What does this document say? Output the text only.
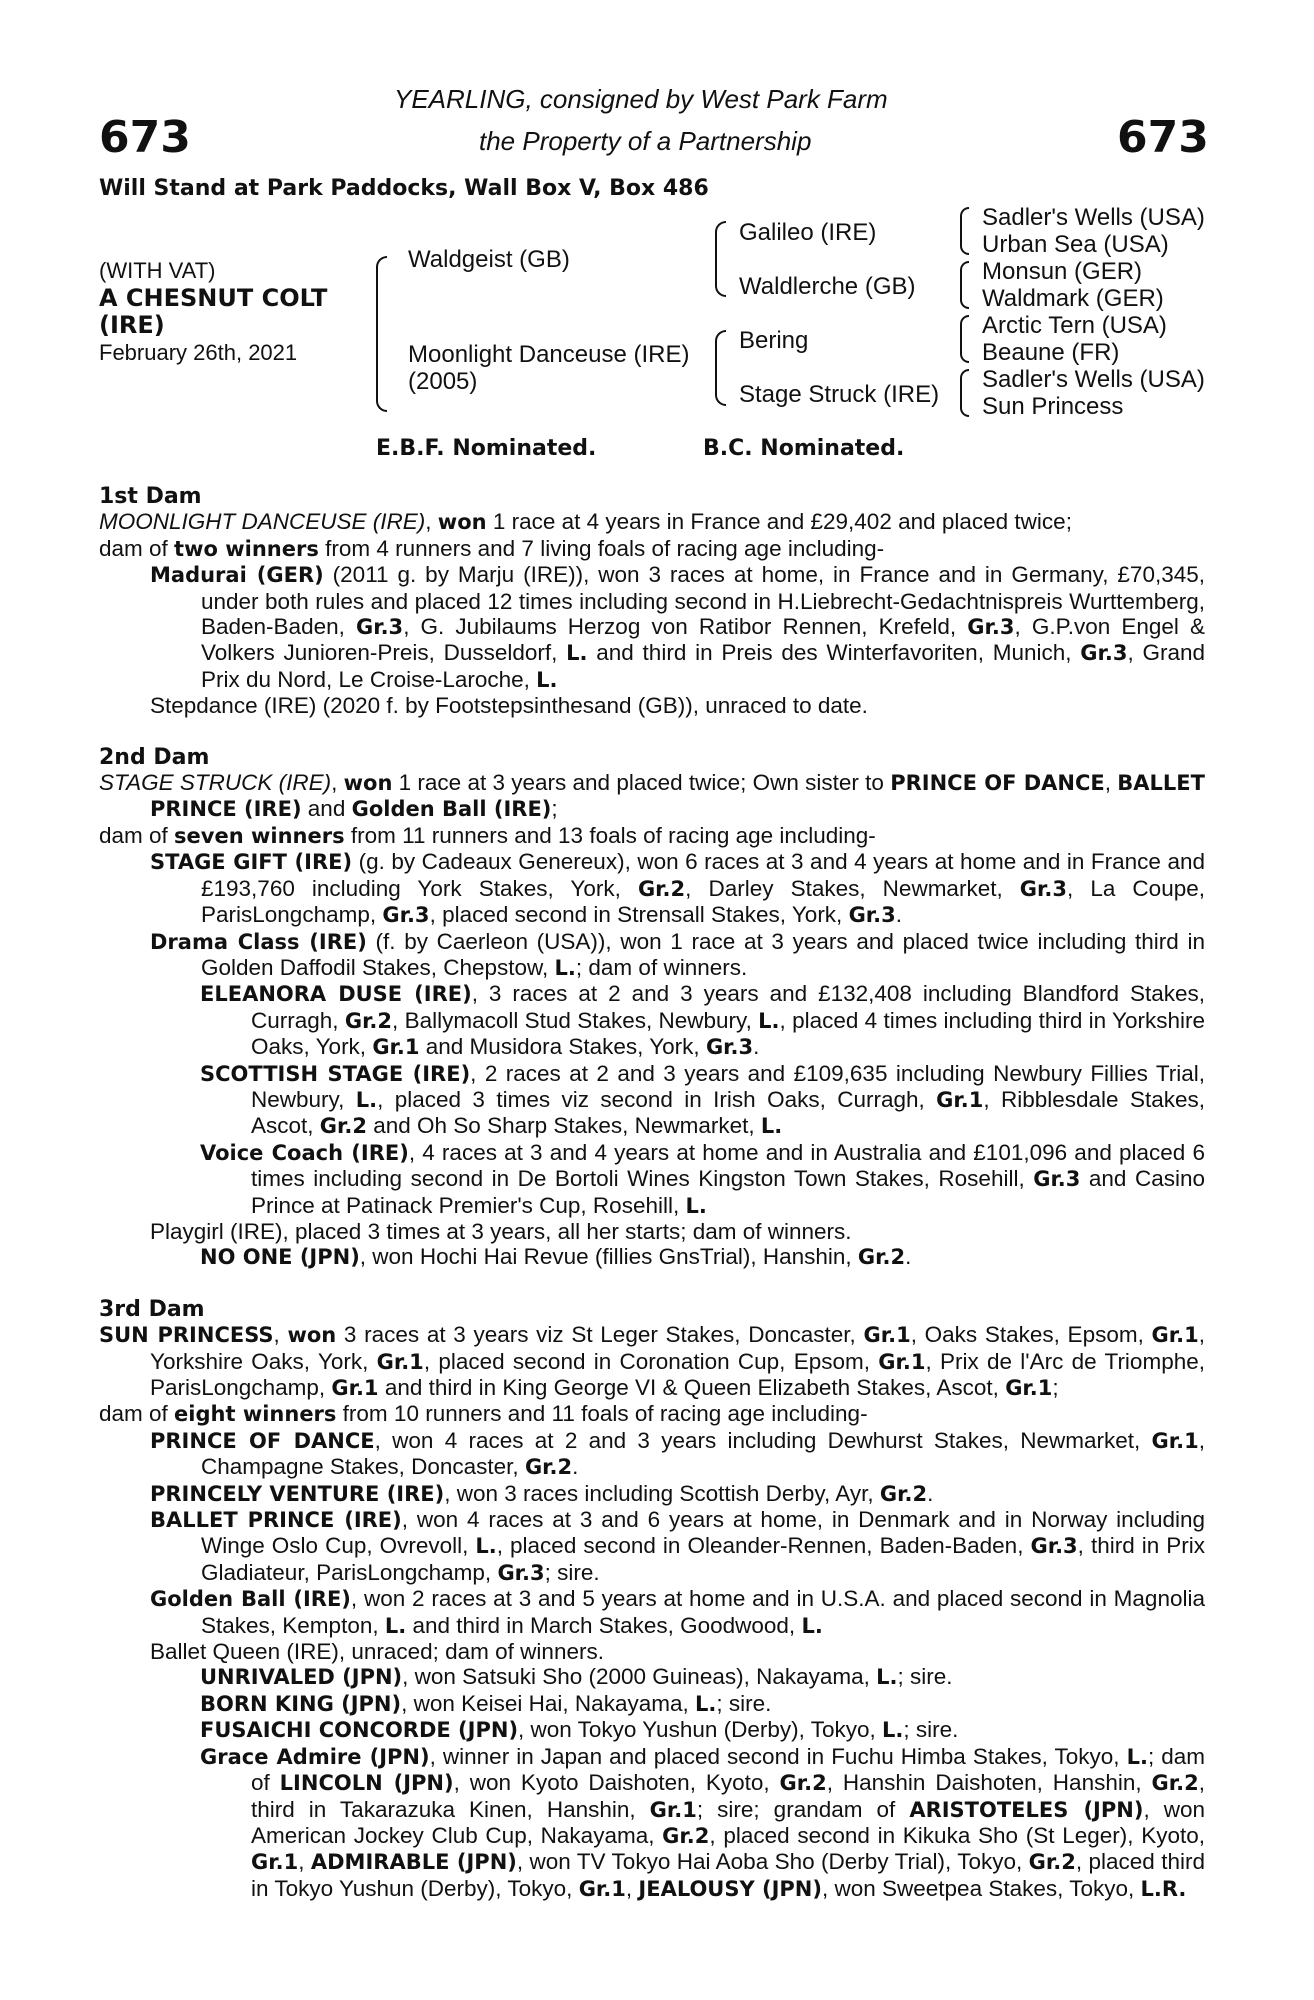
673	673
YEARLING, consigned by West Park Farm
the Property of a Partnership
Will Stand at Park Paddocks, Wall Box V, Box 486
(WITH VAT)
A CHESNUT COLT
(IRE)
February 26th, 2021
Waldgeist (GB)
Moonlight Danceuse (IRE)
(2005)
Galileo (IRE)
Waldlerche (GB)
Bering
Stage Struck (IRE)
Sadler's Wells (USA)
Urban Sea (USA)
Monsun (GER)
Waldmark (GER)
Arctic Tern (USA)
Beaune (FR)
Sadler's Wells (USA)
Sun Princess
E.B.F. Nominated.	B.C. Nominated.
1st Dam
MOONLIGHT DANCEUSE (IRE), won 1 race at 4 years in France and £29,402 and placed twice;
dam of two winners from 4 runners and 7 living foals of racing age including-
Madurai (GER) (2011 g. by Marju (IRE)), won 3 races at home, in France and in Germany, £70,345, under both rules and placed 12 times including second in H.Liebrecht-Gedachtnispreis Wurttemberg, Baden-Baden, Gr.3, G. Jubilaums Herzog von Ratibor Rennen, Krefeld, Gr.3, G.P.von Engel & Volkers Junioren-Preis, Dusseldorf, L. and third in Preis des Winterfavoriten, Munich, Gr.3, Grand Prix du Nord, Le Croise-Laroche, L.
Stepdance (IRE) (2020 f. by Footstepsinthesand (GB)), unraced to date.
2nd Dam
STAGE STRUCK (IRE), won 1 race at 3 years and placed twice; Own sister to PRINCE OF DANCE, BALLET PRINCE (IRE) and Golden Ball (IRE);
dam of seven winners from 11 runners and 13 foals of racing age including-
STAGE GIFT (IRE) (g. by Cadeaux Genereux), won 6 races at 3 and 4 years at home and in France and £193,760 including York Stakes, York, Gr.2, Darley Stakes, Newmarket, Gr.3, La Coupe, ParisLongchamp, Gr.3, placed second in Strensall Stakes, York, Gr.3.
Drama Class (IRE) (f. by Caerleon (USA)), won 1 race at 3 years and placed twice including third in Golden Daffodil Stakes, Chepstow, L.; dam of winners.
ELEANORA DUSE (IRE), 3 races at 2 and 3 years and £132,408 including Blandford Stakes, Curragh, Gr.2, Ballymacoll Stud Stakes, Newbury, L., placed 4 times including third in Yorkshire Oaks, York, Gr.1 and Musidora Stakes, York, Gr.3.
SCOTTISH STAGE (IRE), 2 races at 2 and 3 years and £109,635 including Newbury Fillies Trial, Newbury, L., placed 3 times viz second in Irish Oaks, Curragh, Gr.1, Ribblesdale Stakes, Ascot, Gr.2 and Oh So Sharp Stakes, Newmarket, L.
Voice Coach (IRE), 4 races at 3 and 4 years at home and in Australia and £101,096 and placed 6 times including second in De Bortoli Wines Kingston Town Stakes, Rosehill, Gr.3 and Casino Prince at Patinack Premier's Cup, Rosehill, L.
Playgirl (IRE), placed 3 times at 3 years, all her starts; dam of winners.
NO ONE (JPN), won Hochi Hai Revue (fillies GnsTrial), Hanshin, Gr.2.
3rd Dam
SUN PRINCESS, won 3 races at 3 years viz St Leger Stakes, Doncaster, Gr.1, Oaks Stakes, Epsom, Gr.1, Yorkshire Oaks, York, Gr.1, placed second in Coronation Cup, Epsom, Gr.1, Prix de l'Arc de Triomphe, ParisLongchamp, Gr.1 and third in King George VI & Queen Elizabeth Stakes, Ascot, Gr.1;
dam of eight winners from 10 runners and 11 foals of racing age including-
PRINCE OF DANCE, won 4 races at 2 and 3 years including Dewhurst Stakes, Newmarket, Gr.1, Champagne Stakes, Doncaster, Gr.2.
PRINCELY VENTURE (IRE), won 3 races including Scottish Derby, Ayr, Gr.2.
BALLET PRINCE (IRE), won 4 races at 3 and 6 years at home, in Denmark and in Norway including Winge Oslo Cup, Ovrevoll, L., placed second in Oleander-Rennen, Baden-Baden, Gr.3, third in Prix Gladiateur, ParisLongchamp, Gr.3; sire.
Golden Ball (IRE), won 2 races at 3 and 5 years at home and in U.S.A. and placed second in Magnolia Stakes, Kempton, L. and third in March Stakes, Goodwood, L.
Ballet Queen (IRE), unraced; dam of winners.
UNRIVALED (JPN), won Satsuki Sho (2000 Guineas), Nakayama, L.; sire.
BORN KING (JPN), won Keisei Hai, Nakayama, L.; sire.
FUSAICHI CONCORDE (JPN), won Tokyo Yushun (Derby), Tokyo, L.; sire.
Grace Admire (JPN), winner in Japan and placed second in Fuchu Himba Stakes, Tokyo, L.; dam of LINCOLN (JPN), won Kyoto Daishoten, Kyoto, Gr.2, Hanshin Daishoten, Hanshin, Gr.2, third in Takarazuka Kinen, Hanshin, Gr.1; sire; grandam of ARISTOTELES (JPN), won American Jockey Club Cup, Nakayama, Gr.2, placed second in Kikuka Sho (St Leger), Kyoto, Gr.1, ADMIRABLE (JPN), won TV Tokyo Hai Aoba Sho (Derby Trial), Tokyo, Gr.2, placed third in Tokyo Yushun (Derby), Tokyo, Gr.1, JEALOUSY (JPN), won Sweetpea Stakes, Tokyo, L.R.
